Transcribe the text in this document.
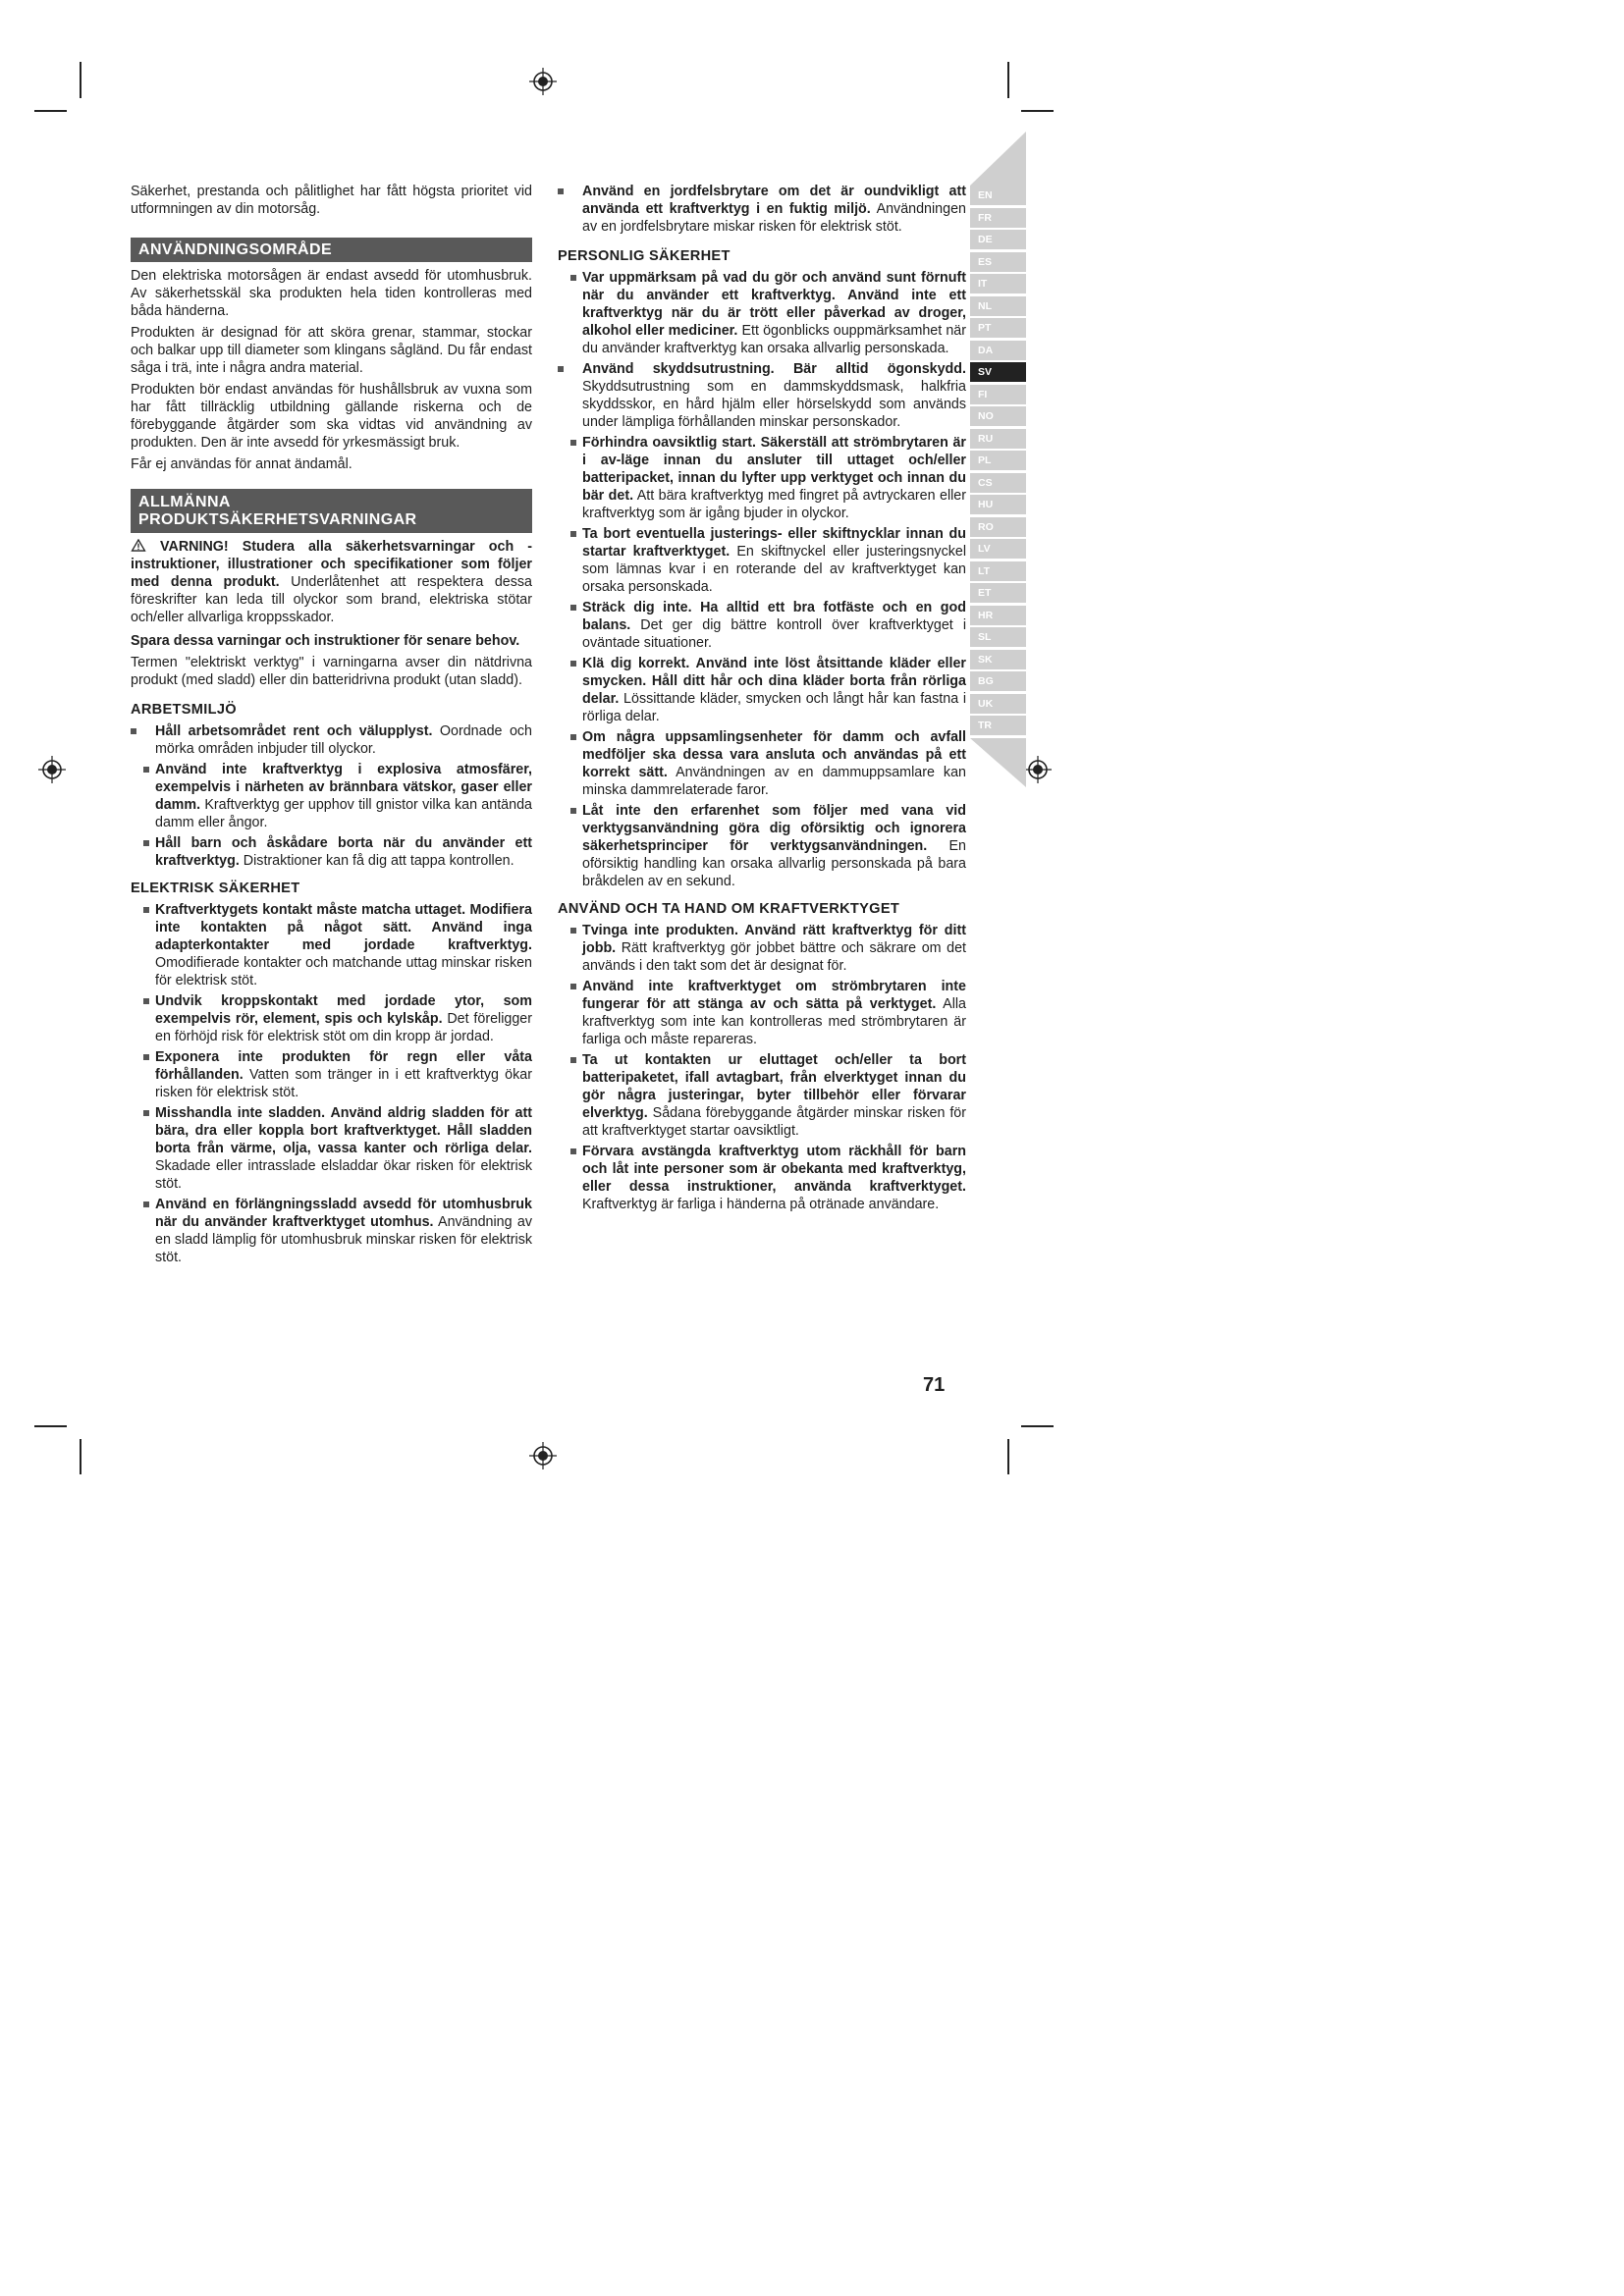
EN
FR
DE
ES
IT
NL
PT
DA
SV
FI
NO
RU
PL
CS
HU
RO
LV
LT
ET
HR
SL
SK
BG
UK
TR

Säkerhet, prestanda och pålitlighet har fått högsta prioritet vid utformningen av din motorsåg.

ANVÄNDNINGSOMRÅDE

Den elektriska motorsågen är endast avsedd för utomhusbruk. Av säkerhetsskäl ska produkten hela tiden kontrolleras med båda händerna.

Produkten är designad för att sköra grenar, stammar, stockar och balkar upp till diameter som klingans sågländ. Du får endast såga i trä, inte i några andra material.

Produkten bör endast användas för hushållsbruk av vuxna som har fått tillräcklig utbildning gällande riskerna och de förebyggande åtgärder som ska vidtas vid användning av produkten. Den är inte avsedd för yrkesmässigt bruk.

Får ej användas för annat ändamål.

ALLMÄNNA
PRODUKTSÄKERHETSVARNINGAR

VARNING! Studera alla säkerhetsvarningar och -instruktioner, illustrationer och specifikationer som följer med denna produkt. Underlåtenhet att respektera dessa föreskrifter kan leda till olyckor som brand, elektriska stötar och/eller allvarliga kroppsskador.

Spara dessa varningar och instruktioner för senare behov.

Termen "elektriskt verktyg" i varningarna avser din nätdrivna produkt (med sladd) eller din batteridrivna produkt (utan sladd).

ARBETSMILJÖ
Håll arbetsområdet rent och välupplyst. Oordnade och mörka områden inbjuder till olyckor.
Använd inte kraftverktyg i explosiva atmosfärer, exempelvis i närheten av brännbara vätskor, gaser eller damm. Kraftverktyg ger upphov till gnistor vilka kan antända damm eller ångor.
Håll barn och åskådare borta när du använder ett kraftverktyg. Distraktioner kan få dig att tappa kontrollen.
ELEKTRISK SÄKERHET
Kraftverktygets kontakt måste matcha uttaget. Modifiera inte kontakten på något sätt. Använd inga adapterkontakter med jordade kraftverktyg. Omodifierade kontakter och matchande uttag minskar risken för elektrisk stöt.
Undvik kroppskontakt med jordade ytor, som exempelvis rör, element, spis och kylskåp. Det föreligger en förhöjd risk för elektrisk stöt om din kropp är jordad.
Exponera inte produkten för regn eller våta förhållanden. Vatten som tränger in i ett kraftverktyg ökar risken för elektrisk stöt.
Misshandla inte sladden. Använd aldrig sladden för att bära, dra eller koppla bort kraftverktyget. Håll sladden borta från värme, olja, vassa kanter och rörliga delar. Skadade eller intrasslade elsladdar ökar risken för elektrisk stöt.
Använd en förlängningssladd avsedd för utomhusbruk när du använder kraftverktyget utomhus. Användning av en sladd lämplig för utomhusbruk minskar risken för elektrisk stöt.
Använd en jordfelsbrytare om det är oundvikligt att använda ett kraftverktyg i en fuktig miljö. Användningen av en jordfelsbrytare miskar risken för elektrisk stöt.
PERSONLIG SÄKERHET
Var uppmärksam på vad du gör och använd sunt förnuft när du använder ett kraftverktyg. Använd inte ett kraftverktyg när du är trött eller påverkad av droger, alkohol eller mediciner. Ett ögonblicks ouppmärksamhet när du använder kraftverktyg kan orsaka allvarlig personskada.
Använd skyddsutrustning. Bär alltid ögonskydd. Skyddsutrustning som en dammskyddsmask, halkfria skyddsskor, en hård hjälm eller hörselskydd som används under lämpliga förhållanden minskar personskador.
Förhindra oavsiktlig start. Säkerställ att strömbrytaren är i av-läge innan du ansluter till uttaget och/eller batteripacket, innan du lyfter upp verktyget och innan du bär det. Att bära kraftverktyg med fingret på avtryckaren eller kraftverktyg som är igång bjuder in olyckor.
Ta bort eventuella justerings- eller skiftnycklar innan du startar kraftverktyget. En skiftnyckel eller justeringsnyckel som lämnas kvar i en roterande del av kraftverktyget kan orsaka personskada.
Sträck dig inte. Ha alltid ett bra fotfäste och en god balans. Det ger dig bättre kontroll över kraftverktyget i oväntade situationer.
Klä dig korrekt. Använd inte löst åtsittande kläder eller smycken. Håll ditt hår och dina kläder borta från rörliga delar. Lössittande kläder, smycken och långt hår kan fastna i rörliga delar.
Om några uppsamlingsenheter för damm och avfall medföljer ska dessa vara ansluta och användas på ett korrekt sätt. Användningen av en dammuppsamlare kan minska dammrelaterade faror.
Låt inte den erfarenhet som följer med vana vid verktygsanvändning göra dig oförsiktig och ignorera säkerhetsprinciper för verktygsanvändningen. En oförsiktig handling kan orsaka allvarlig personskada på bara bråkdelen av en sekund.
ANVÄND OCH TA HAND OM KRAFTVERKTYGET
Tvinga inte produkten. Använd rätt kraftverktyg för ditt jobb. Rätt kraftverktyg gör jobbet bättre och säkrare om det används i den takt som det är designat för.
Använd inte kraftverktyget om strömbrytaren inte fungerar för att stänga av och sätta på verktyget. Alla kraftverktyg som inte kan kontrolleras med strömbrytaren är farliga och måste repareras.
Ta ut kontakten ur eluttaget och/eller ta bort batteripaketet, ifall avtagbart, från elverktyget innan du gör några justeringar, byter tillbehör eller förvarar elverktyg. Sådana förebyggande åtgärder minskar risken för att kraftverktyget startar oavsiktligt.
Förvara avstängda kraftverktyg utom räckhåll för barn och låt inte personer som är obekanta med kraftverktyg, eller dessa instruktioner, använda kraftverktyget. Kraftverktyg är farliga i händerna på otränade användare.
71
